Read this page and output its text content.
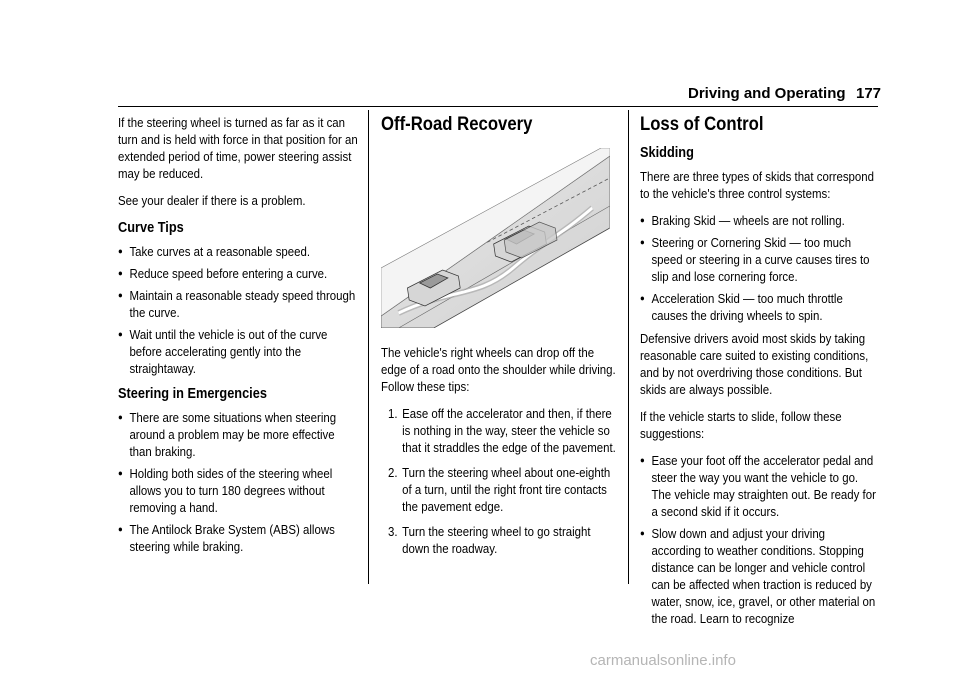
Driving and Operating 177

If the steering wheel is turned as far as it can turn and is held with force in that position for an extended period of time, power steering assist may be reduced.

See your dealer if there is a problem.

Curve Tips
● Take curves at a reasonable speed.
● Reduce speed before entering a curve.
● Maintain a reasonable steady speed through the curve.
● Wait until the vehicle is out of the curve before accelerating gently into the straightaway.
Steering in Emergencies
● There are some situations when steering around a problem may be more effective than braking.
● Holding both sides of the steering wheel allows you to turn 180 degrees without removing a hand.
● The Antilock Brake System (ABS) allows steering while braking.
Off-Road Recovery

The vehicle's right wheels can drop off the edge of a road onto the shoulder while driving. Follow these tips:

1. Ease off the accelerator and then, if there is nothing in the way, steer the vehicle so that it straddles the edge of the pavement.
2. Turn the steering wheel about one-eighth of a turn, until the right front tire contacts the pavement edge.
3. Turn the steering wheel to go straight down the roadway.
Loss of Control
Skidding

There are three types of skids that correspond to the vehicle's three control systems:

● Braking Skid — wheels are not rolling.
● Steering or Cornering Skid — too much speed or steering in a curve causes tires to slip and lose cornering force.
● Acceleration Skid — too much throttle causes the driving wheels to spin.

Defensive drivers avoid most skids by taking reasonable care suited to existing conditions, and by not overdriving those conditions. But skids are always possible.

If the vehicle starts to slide, follow these suggestions:

● Ease your foot off the accelerator pedal and steer the way you want the vehicle to go. The vehicle may straighten out. Be ready for a second skid if it occurs.
● Slow down and adjust your driving according to weather conditions. Stopping distance can be longer and vehicle control can be affected when traction is reduced by water, snow, ice, gravel, or other material on the road. Learn to recognize
carmanualsonline.info
